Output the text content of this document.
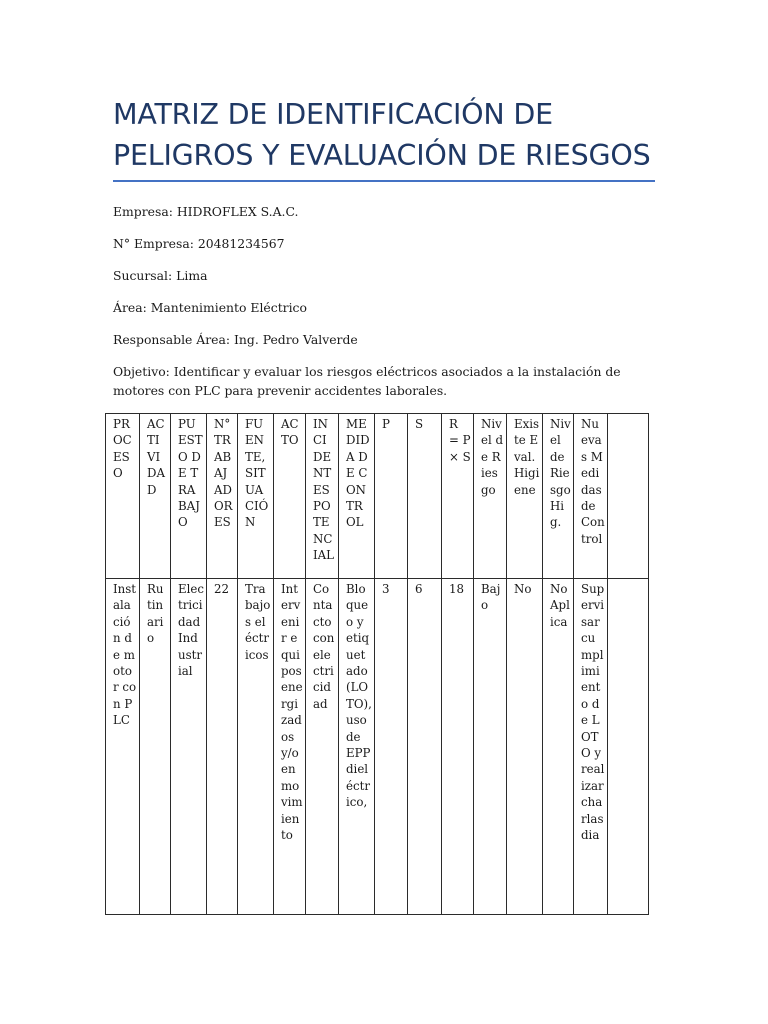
MATRIZ DE IDENTIFICACIÓN DE
PELIGROS Y EVALUACIÓN DE RIESGOS
Empresa: HIDROFLEX S.A.C.
N° Empresa: 20481234567
Sucursal: Lima
Área: Mantenimiento Eléctrico
Responsable Área: Ing. Pedro Valverde
Objetivo: Identificar y evaluar los riesgos eléctricos asociados a la instalación de motores con PLC para prevenir accidentes laborales.
PROCESO	ACTIVIDAD	PUESTO DE TRABAJO	N° TRABAJADORES	FUENTE, SITUACIÓN	ACTO	INCIDENTES POTENCIAL	MEDIDA DE CONTROL	P	S	R = P× S	Nivel de Riesgo	Existe Eval. Higiene	Nivel de Riesgo Hig.	Nuevas Medidas de Control	
Instalación de motor con PLC	Rutinario	Electricidad Industrial	22	Trabajos eléctricos	Intervenir equipos energizados y/o en movimiento	Contacto con electricidad	Bloqueo y etiquetado (LOTO), uso de EPP dieléctrico,	3	6	18	Bajo	No	No Aplica	Supervisar cumplimiento de LOTO y realizar charlas dia	
